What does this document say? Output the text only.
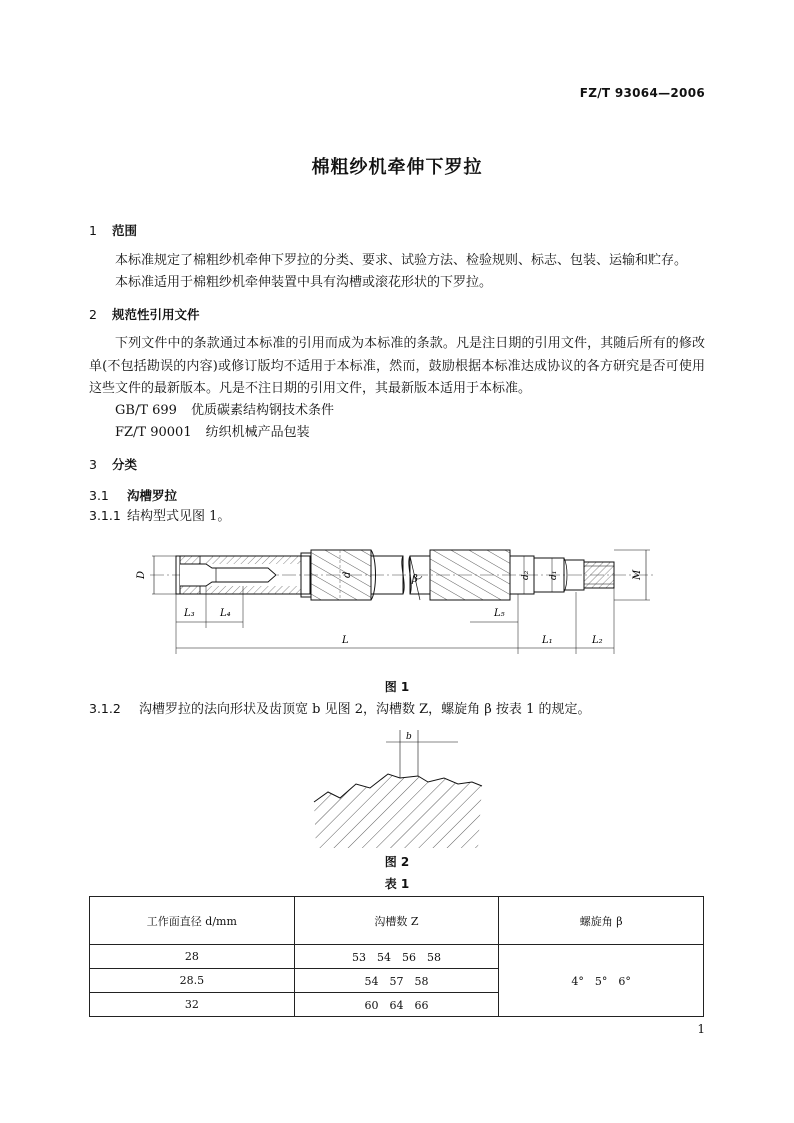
FZ/T 93064—2006
棉粗纱机牵伸下罗拉
1 范围
本标准规定了棉粗纱机牵伸下罗拉的分类、要求、试验方法、检验规则、标志、包装、运输和贮存。
本标准适用于棉粗纱机牵伸装置中具有沟槽或滚花形状的下罗拉。
2 规范性引用文件
下列文件中的条款通过本标准的引用而成为本标准的条款。凡是注日期的引用文件，其随后所有的修改单(不包括勘误的内容)或修订版均不适用于本标准，然而，鼓励根据本标准达成协议的各方研究是否可使用这些文件的最新版本。凡是不注日期的引用文件，其最新版本适用于本标准。
GB/T 699 优质碳素结构钢技术条件
FZ/T 90001 纺织机械产品包装
3 分类
3.1 沟槽罗拉
3.1.1 结构型式见图 1。
D	d	β	d₂ d₁	M
L₃	L₄	L₅
L	L₁	L₂
图 1
3.1.2 沟槽罗拉的法向形状及齿顶宽 b 见图 2，沟槽数 Z，螺旋角 β 按表 1 的规定。
b
图 2
表 1
工作面直径 d/mm	沟槽数 Z	螺旋角 β
28	53　54　56　58	4°　5°　6°
28.5	54　57　58	
32	60　64　66	
1
